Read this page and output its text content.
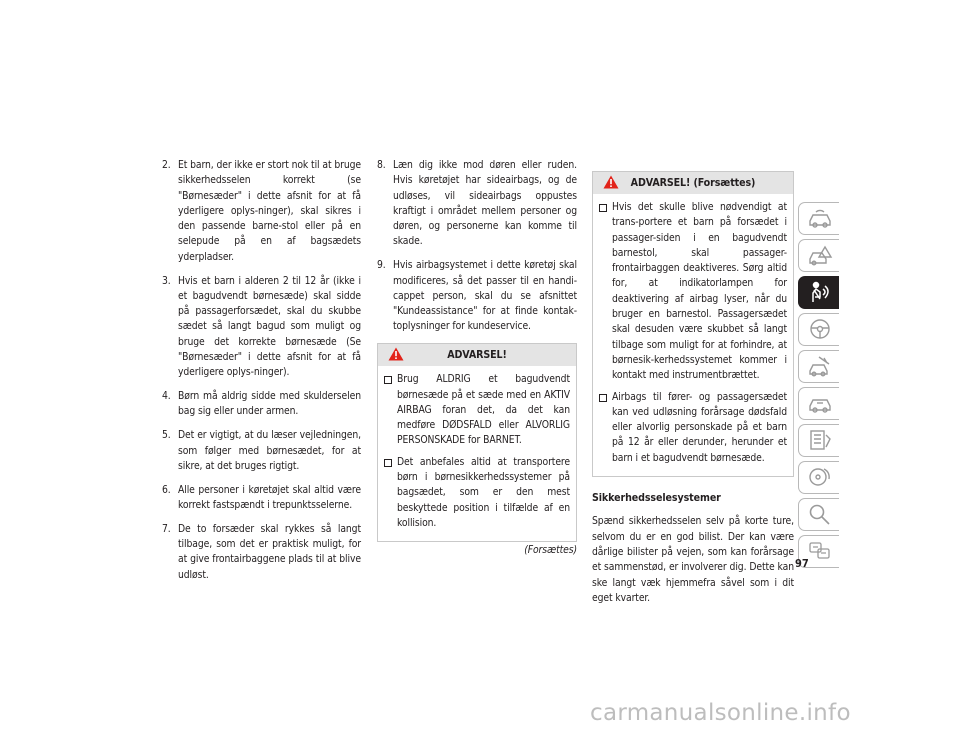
2. Et barn, der ikke er stort nok til at bruge sikkerhedsselen korrekt (se "Børnesæder" i dette afsnit for at få yderligere oplys-ninger), skal sikres i den passende barne-stol eller på en selepude på en af bagsædets yderpladser.
3. Hvis et barn i alderen 2 til 12 år (ikke i et bagudvendt børnesæde) skal sidde på passagerforsædet, skal du skubbe sædet så langt bagud som muligt og bruge det korrekte børnesæde (Se "Børnesæder" i dette afsnit for at få yderligere oplys-ninger).
4. Børn må aldrig sidde med skulderselen bag sig eller under armen.
5. Det er vigtigt, at du læser vejledningen, som følger med børnesædet, for at sikre, at det bruges rigtigt.
6. Alle personer i køretøjet skal altid være korrekt fastspændt i trepunktsselerne.
7. De to forsæder skal rykkes så langt tilbage, som det er praktisk muligt, for at give frontairbaggene plads til at blive udløst.
8. Læn dig ikke mod døren eller ruden. Hvis køretøjet har sideairbags, og de udløses, vil sideairbags oppustes kraftigt i området mellem personer og døren, og personerne kan komme til skade.
9. Hvis airbagsystemet i dette køretøj skal modificeres, så det passer til en handi-cappet person, skal du se afsnittet "Kundeassistance" for at finde kontak-toplysninger for kundeservice.
ADVARSEL!
Brug ALDRIG et bagudvendt børnesæde på et sæde med en AKTIV AIRBAG foran det, da det kan medføre DØDSFALD eller ALVORLIG PERSONSKADE for BARNET.
Det anbefales altid at transportere børn i børnesikkerhedssystemer på bagsædet, som er den mest beskyttede position i tilfælde af en kollision.
(Forsættes)
ADVARSEL! (Forsættes)
Hvis det skulle blive nødvendigt at trans-portere et barn på forsædet i passager-siden i en bagudvendt barnestol, skal passager-frontairbaggen deaktiveres. Sørg altid for, at indikatorlampen for deaktivering af airbag lyser, når du bruger en barnestol. Passagersædet skal desuden være skubbet så langt tilbage som muligt for at forhindre, at børnesik-kerhedssystemet kommer i kontakt med instrumentbrættet.
Airbags til fører- og passagersædet kan ved udløsning forårsage dødsfald eller alvorlig personskade på et barn på 12 år eller derunder, herunder et barn i et bagudvendt børnesæde.
Sikkerhedsselesystemer

Spænd sikkerhedsselen selv på korte ture, selvom du er en god bilist. Der kan være dårlige bilister på vejen, som kan forårsage et sammenstød, er involverer dig. Dette kan ske langt væk hjemmefra såvel som i dit eget kvarter.

97
carmanualsonline.info
